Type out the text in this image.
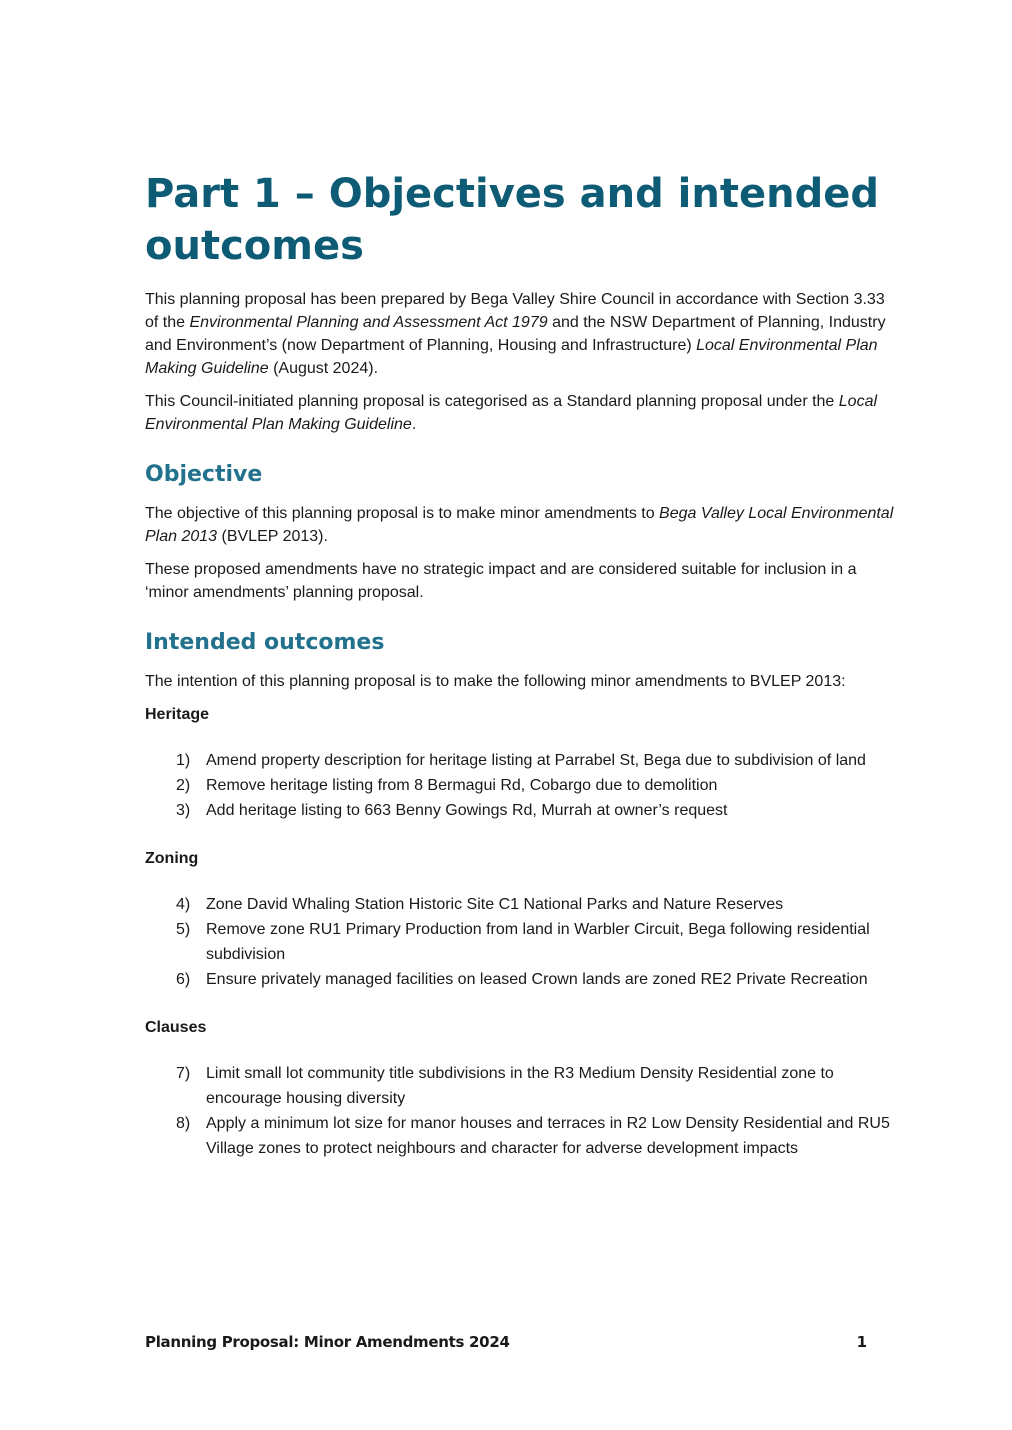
Part 1 – Objectives and intended outcomes

This planning proposal has been prepared by Bega Valley Shire Council in accordance with Section 3.33 of the Environmental Planning and Assessment Act 1979 and the NSW Department of Planning, Industry and Environment’s (now Department of Planning, Housing and Infrastructure) Local Environmental Plan Making Guideline (August 2024).

This Council-initiated planning proposal is categorised as a Standard planning proposal under the Local Environmental Plan Making Guideline.

Objective

The objective of this planning proposal is to make minor amendments to Bega Valley Local Environmental Plan 2013 (BVLEP 2013).

These proposed amendments have no strategic impact and are considered suitable for inclusion in a ‘minor amendments’ planning proposal.

Intended outcomes

The intention of this planning proposal is to make the following minor amendments to BVLEP 2013:

Heritage
1) Amend property description for heritage listing at Parrabel St, Bega due to subdivision of land
2) Remove heritage listing from 8 Bermagui Rd, Cobargo due to demolition
3) Add heritage listing to 663 Benny Gowings Rd, Murrah at owner’s request
Zoning
4) Zone David Whaling Station Historic Site C1 National Parks and Nature Reserves
5) Remove zone RU1 Primary Production from land in Warbler Circuit, Bega following residential subdivision
6) Ensure privately managed facilities on leased Crown lands are zoned RE2 Private Recreation
Clauses
7) Limit small lot community title subdivisions in the R3 Medium Density Residential zone to encourage housing diversity
8) Apply a minimum lot size for manor houses and terraces in R2 Low Density Residential and RU5 Village zones to protect neighbours and character for adverse development impacts
Planning Proposal: Minor Amendments 2024	1
